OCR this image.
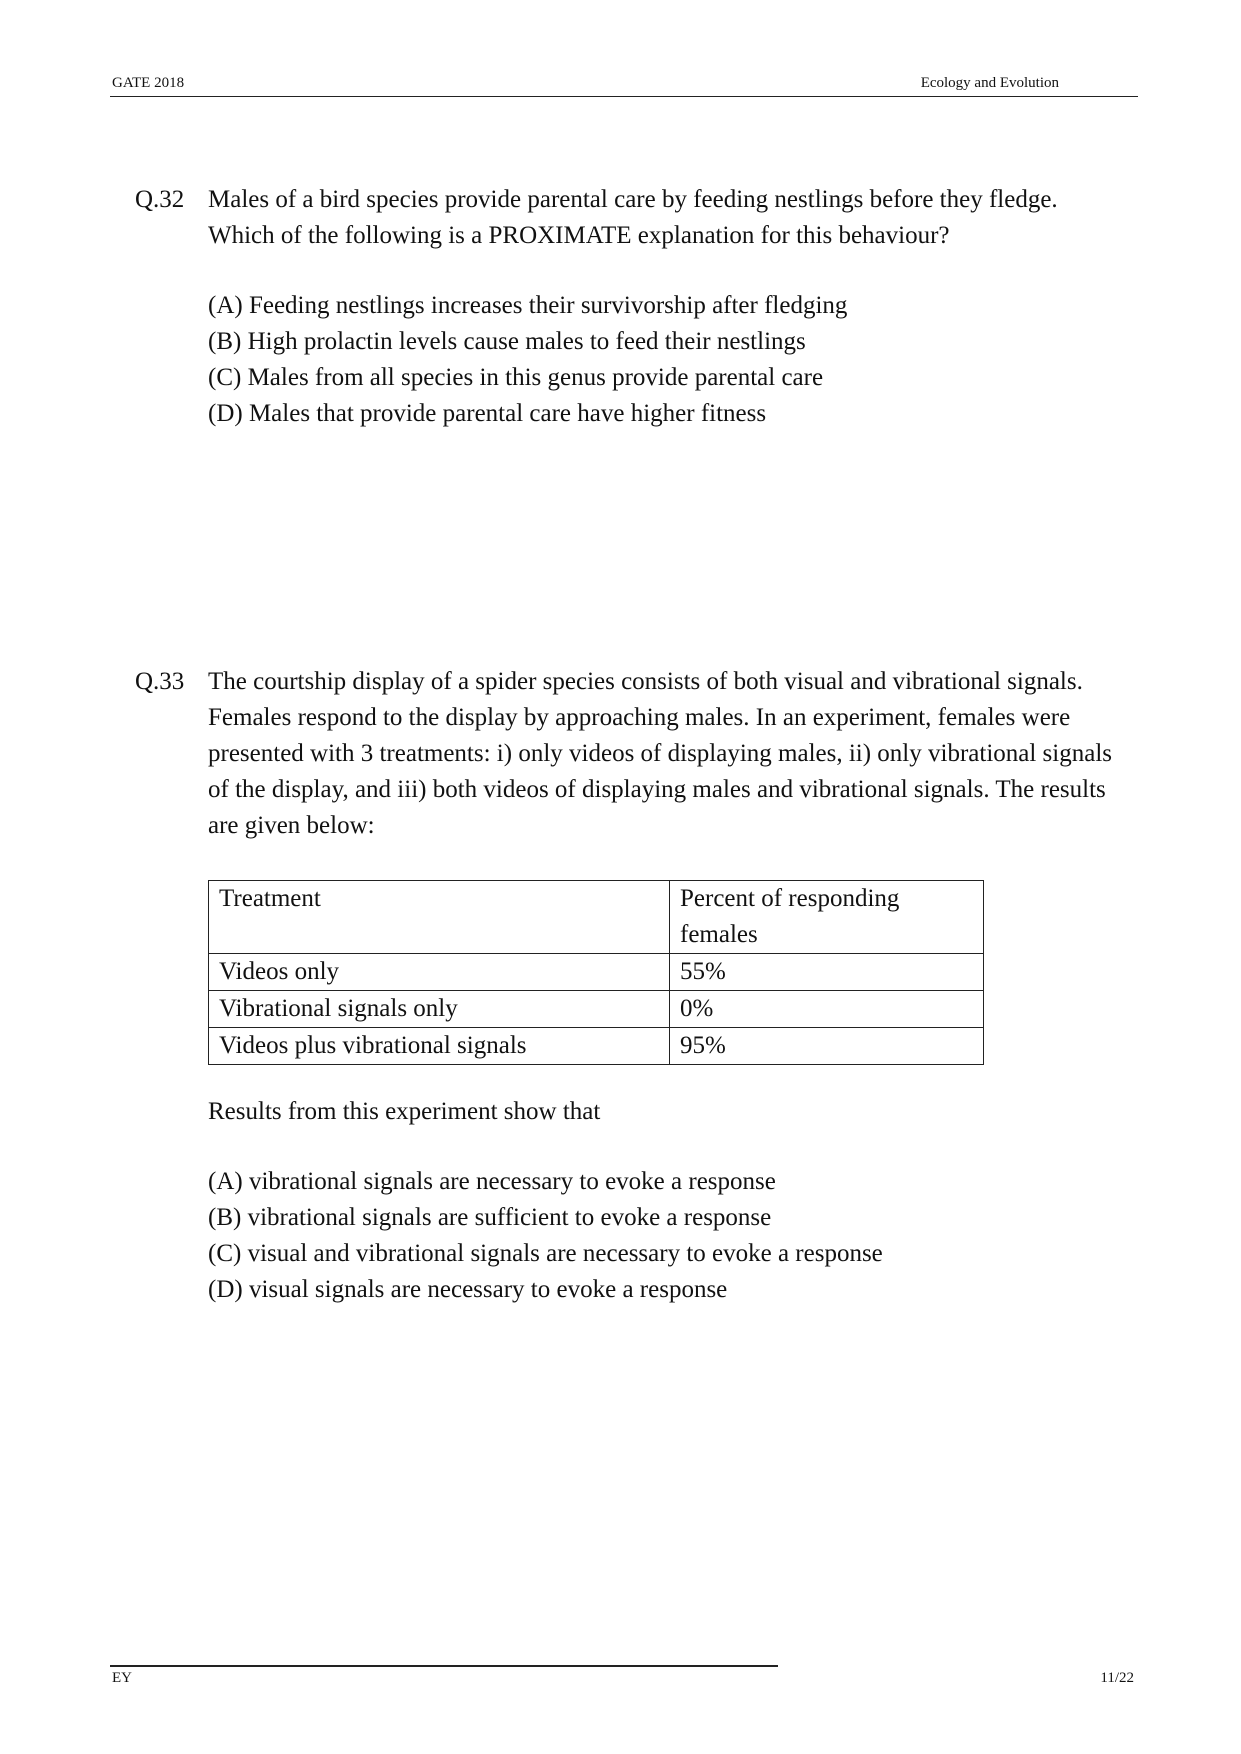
GATE 2018	Ecology and Evolution
Q.32 Males of a bird species provide parental care by feeding nestlings before they fledge. Which of the following is a PROXIMATE explanation for this behaviour?
(A) Feeding nestlings increases their survivorship after fledging
(B) High prolactin levels cause males to feed their nestlings
(C) Males from all species in this genus provide parental care
(D) Males that provide parental care have higher fitness
Q.33 The courtship display of a spider species consists of both visual and vibrational signals. Females respond to the display by approaching males. In an experiment, females were presented with 3 treatments: i) only videos of displaying males, ii) only vibrational signals of the display, and iii) both videos of displaying males and vibrational signals. The results are given below:
Treatment	Percent of responding females
Videos only	55%
Vibrational signals only	0%
Videos plus vibrational signals	95%
Results from this experiment show that
(A) vibrational signals are necessary to evoke a response
(B) vibrational signals are sufficient to evoke a response
(C) visual and vibrational signals are necessary to evoke a response
(D) visual signals are necessary to evoke a response
EY	11/22
